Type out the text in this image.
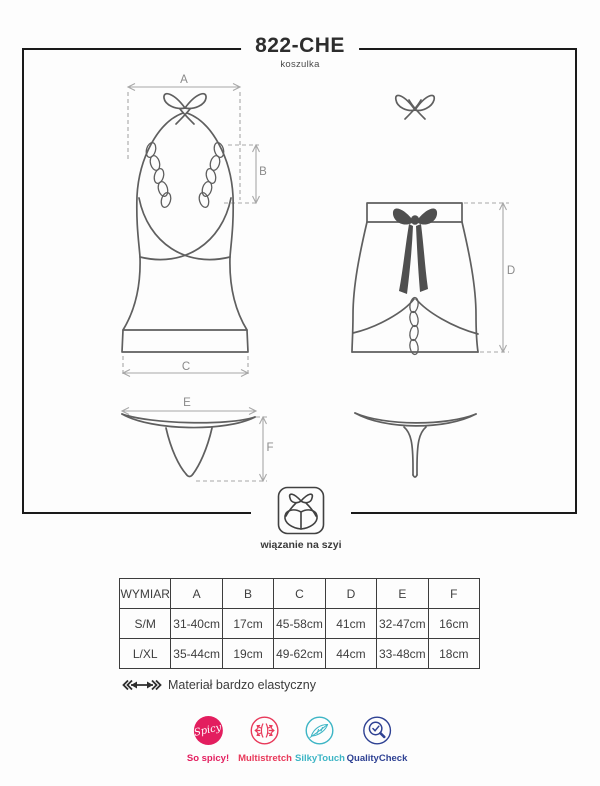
822-CHE
koszulka
A
B
C
D
E
F
wiązanie na szyi
WYMIAR	A	B	C	D	E	F
S/M	31-40cm	17cm	45-58cm	41cm	32-47cm	16cm
L/XL	35-44cm	19cm	49-62cm	44cm	33-48cm	18cm
Materiał bardzo elastyczny
Spicy
So spicy! Multistretch SilkyTouch QualityCheck
